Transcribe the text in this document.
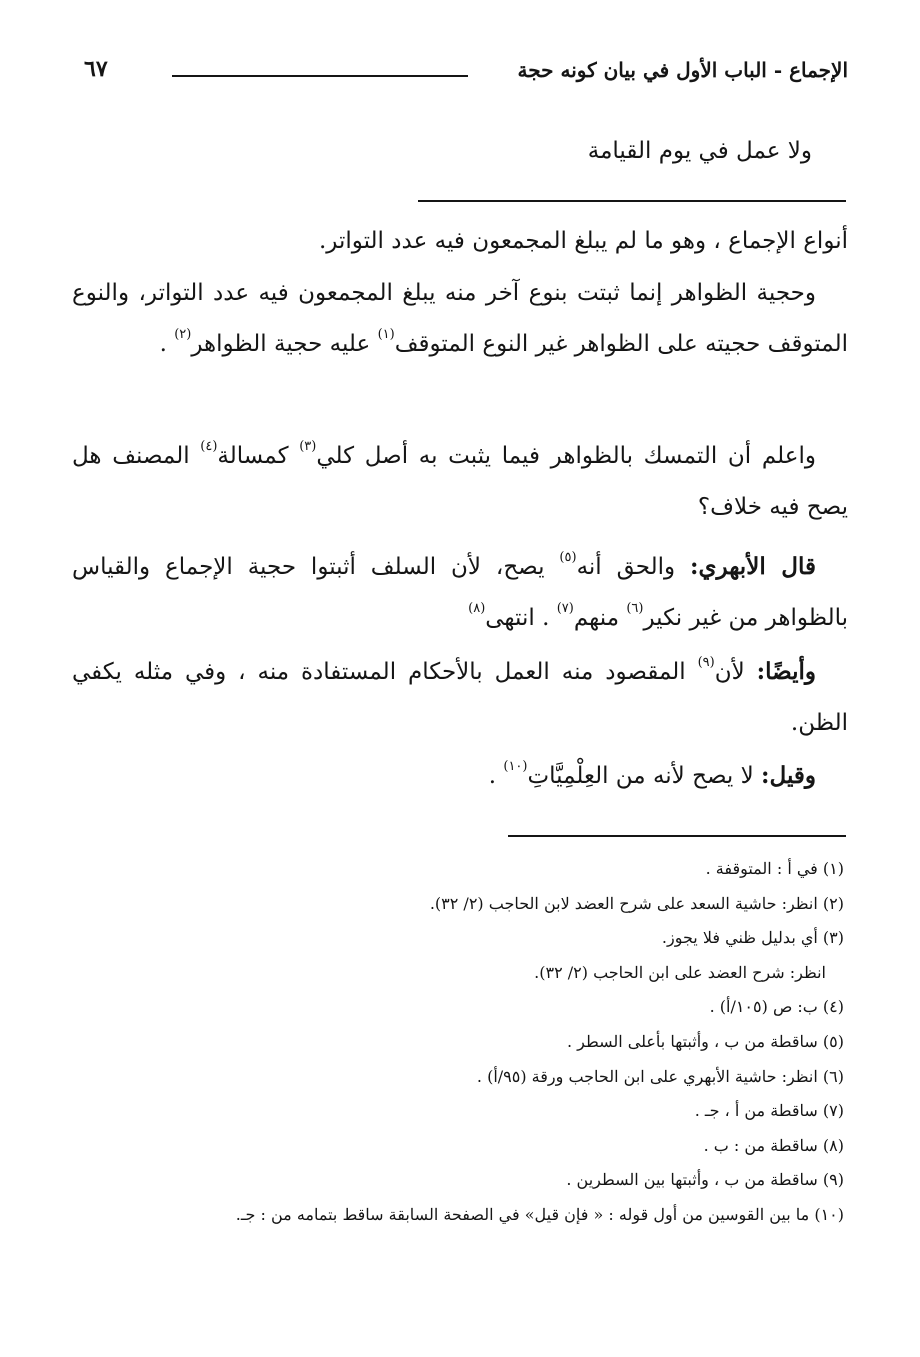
الإجماع - الباب الأول في بيان كونه حجة
٦٧
ولا عمل في يوم القيامة

أنواع الإجماع ، وهو ما لم يبلغ المجمعون فيه عدد التواتر.

وحجية الظواهر إنما ثبتت بنوع آخر منه يبلغ المجمعون فيه عدد التواتر، والنوع المتوقف حجيته على الظواهر غير النوع المتوقف$^{(١)}$ عليه حجية الظواهر$^{(٢)}$ .

واعلم أن التمسك بالظواهر فيما يثبت به أصل كلي$^{(٣)}$ كمسالة$^{(٤)}$ المصنف هل يصح فيه خلاف؟

قال الأبهري: والحق أنه$^{(٥)}$ يصح، لأن السلف أثبتوا حجية الإجماع والقياس بالظواهر من غير نكير$^{(٦)}$ منهم$^{(٧)}$ . انتهى$^{(٨)}$

وأيضًا: لأن$^{(٩)}$ المقصود منه العمل بالأحكام المستفادة منه ، وفي مثله يكفي الظن.

وقيل: لا يصح لأنه من العِلْمِيَّاتِ$^{(١٠)}$ .

(١) في أ : المتوقفة .
(٢) انظر: حاشية السعد على شرح العضد لابن الحاجب (٢/ ٣٢).
(٣) أي بدليل ظني فلا يجوز.
انظر: شرح العضد على ابن الحاجب (٢/ ٣٢).
(٤) ب: ص (١٠٥/أ) .
(٥) ساقطة من ب ، وأثبتها بأعلى السطر .
(٦) انظر: حاشية الأبهري على ابن الحاجب ورقة (٩٥/أ) .
(٧) ساقطة من أ ، جـ .
(٨) ساقطة من : ب .
(٩) ساقطة من ب ، وأثبتها بين السطرين .
(١٠) ما بين القوسين من أول قوله : « فإن قيل» في الصفحة السابقة ساقط بتمامه من : جـ.
